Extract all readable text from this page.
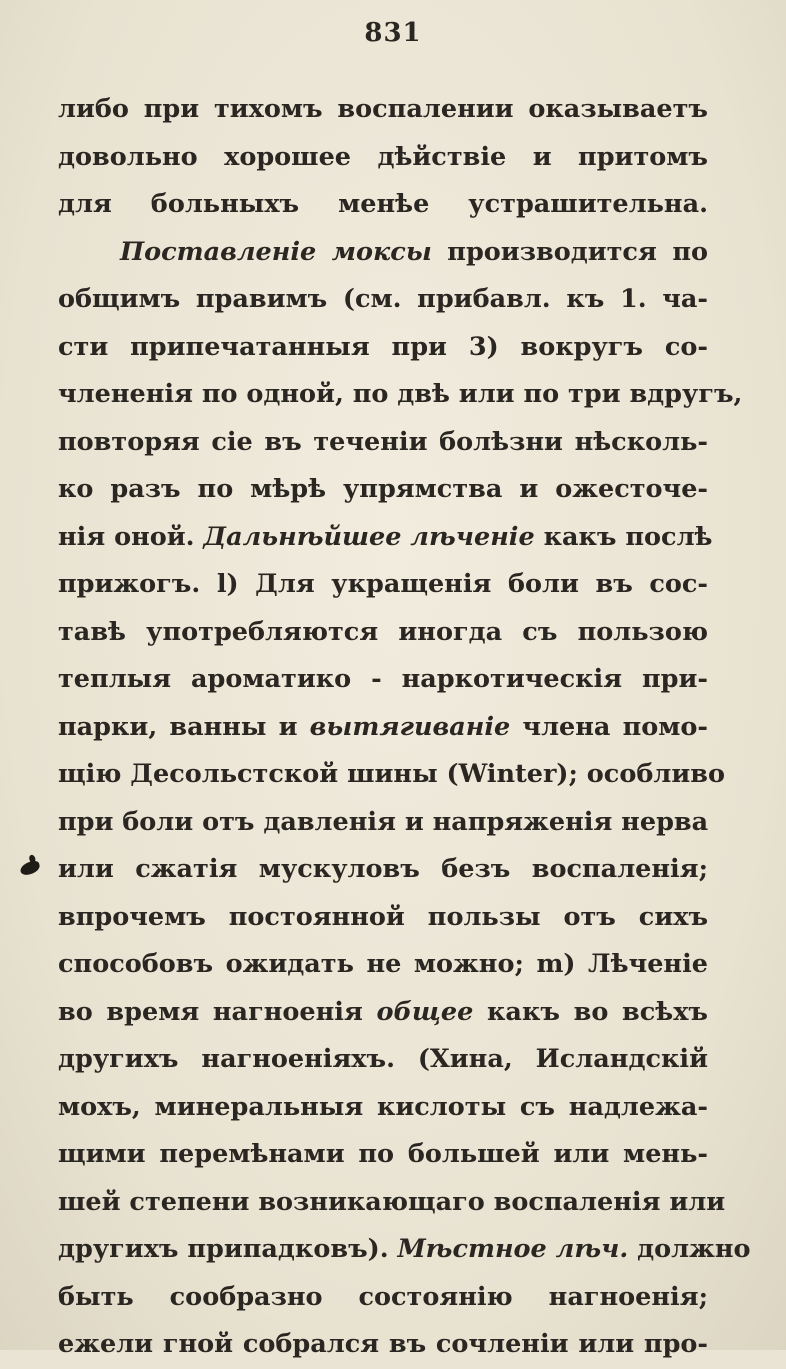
831
либо при тихомъ воспалении оказываетъ
довольно хорошее дѣйствіе и притомъ
для больныхъ менѣе устрашительна.
Поставленіе моксы производится по
общимъ правимъ (см. прибавл. къ 1. ча-
сти припечатанныя при 3) вокругъ со-
члененія по одной, по двѣ или по три вдругъ,
повторяя сіе въ теченіи болѣзни нѣсколь-
ко разъ по мѣрѣ упрямства и ожесточе-
нія оной. Дальнѣйшее лѣченіе какъ послѣ
прижогъ. l) Для укращенія боли въ сос-
тавѣ употребляются иногда съ пользою
теплыя ароматико - наркотическія при-
парки, ванны и вытягиваніе члена помо-
щію Десольстской шины (Winter); особливо
при боли отъ давленія и напряженія нерва
или сжатія мускуловъ безъ воспаленія;
впрочемъ постоянной пользы отъ сихъ
способовъ ожидать не можно; m) Лѣченіе
во время нагноенія общее какъ во всѣхъ
другихъ нагноеніяхъ. (Хина, Исландскій
мохъ, минеральныя кислоты съ надлежа-
щими перемѣнами по большей или мень-
шей степени возникающаго воспаленія или
другихъ припадковъ). Мѣстное лѣч. должно
быть сообразно состоянію нагноенія;
ежели гной собрался въ сочленіи или про-
